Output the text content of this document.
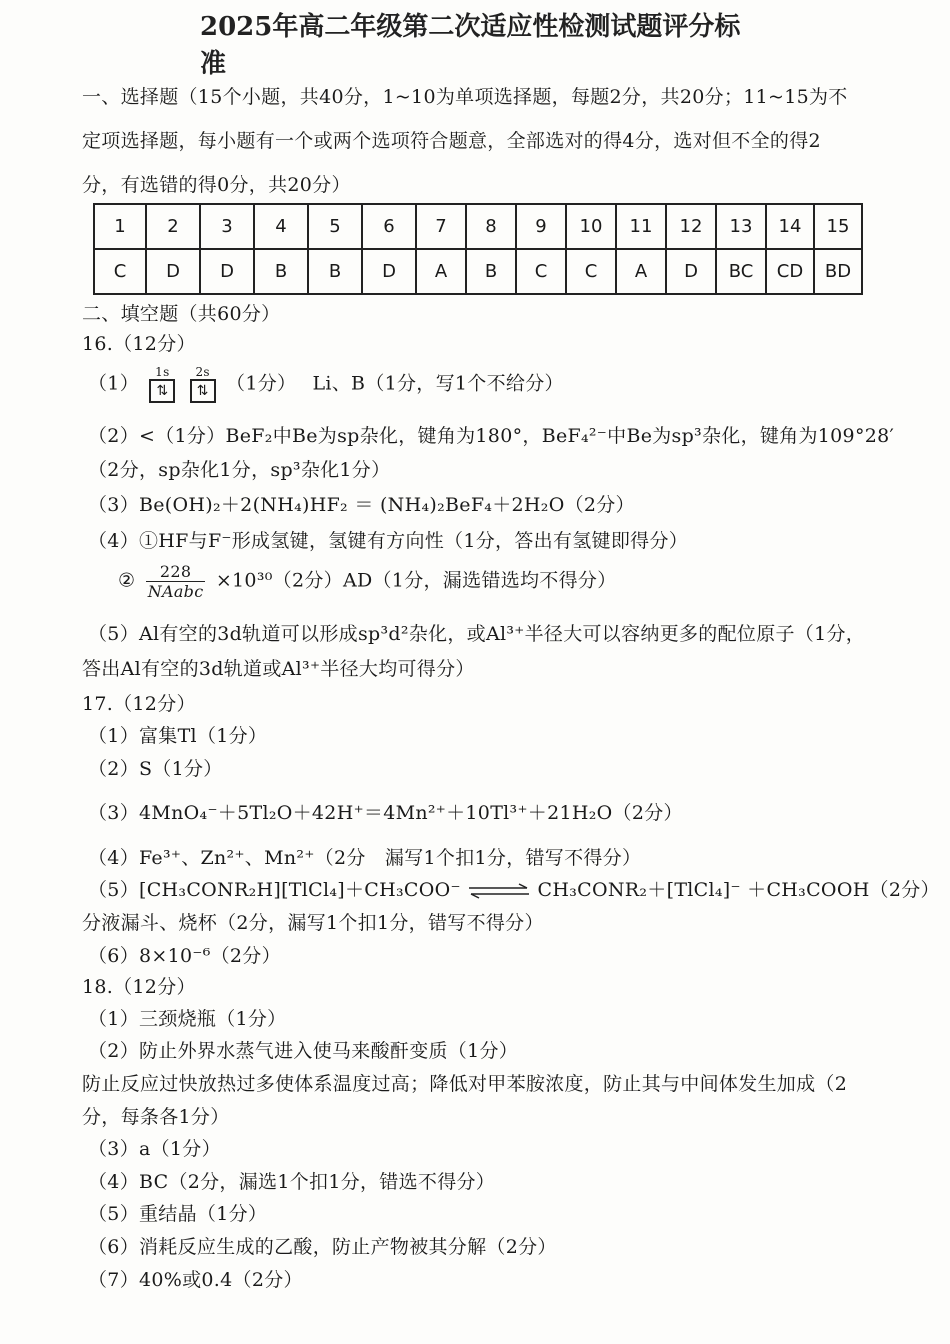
2025年高二年级第二次适应性检测试题评分标准
一、选择题（15个小题，共40分，1~10为单项选择题，每题2分，共20分；11~15为不
定项选择题，每小题有一个或两个选项符合题意，全部选对的得4分，选对但不全的得2
分，有选错的得0分，共20分）
1	2	3	4	5	6	7	8	9	10	11	12	13	14	15
C	D	D	B	B	D	A	B	C	C	A	D	BC	CD	BD
二、填空题（共60分）
16.（12分）
（1）
1s
⇅
2s
⇅ （1分）　 Li、B（1分，写1个不给分）
（2）<（1分）BeF₂中Be为sp杂化，键角为180°，BeF₄²⁻中Be为sp³杂化，键角为109°28′
（2分，sp杂化1分，sp³杂化1分）
（3）Be(OH)₂＋2(NH₄)HF₂ ＝ (NH₄)₂BeF₄＋2H₂O（2分）
（4）①HF与F⁻形成氢键，氢键有方向性（1分，答出有氢键即得分）
② $\frac{228}{\text{NAabc}} \times 10^{30}(2$分）AD（1分，漏选错选均不得分）
（5）Al有空的3d轨道可以形成sp³d²杂化，或Al³⁺半径大可以容纳更多的配位原子（1分，
答出Al有空的3d轨道或Al³⁺半径大均可得分）
17.（12分）
（1）富集Tl（1分）
（2）S（1分）
（3）4MnO₄⁻＋5Tl₂O＋42H⁺＝4Mn²⁺＋10Tl³⁺＋21H₂O（2分）
（4）Fe³⁺、Zn²⁺、Mn²⁺（2分　漏写1个扣1分，错写不得分）
（5）[CH₃CONR₂H][TlCl₄]＋CH₃COO⁻ ⇌ CH₃CONR₂＋[TlCl₄]⁻ ＋CH₃COOH（2分）
分液漏斗、烧杯（2分，漏写1个扣1分，错写不得分）
（6）8×10⁻⁶（2分）
18.（12分）
（1）三颈烧瓶（1分）
（2）防止外界水蒸气进入使马来酸酐变质（1分）
防止反应过快放热过多使体系温度过高；降低对甲苯胺浓度，防止其与中间体发生加成（2
分，每条各1分）
（3）a（1分）
（4）BC（2分，漏选1个扣1分，错选不得分）
（5）重结晶（1分）
（6）消耗反应生成的乙酸，防止产物被其分解（2分）
（7）40%或0.4（2分）
